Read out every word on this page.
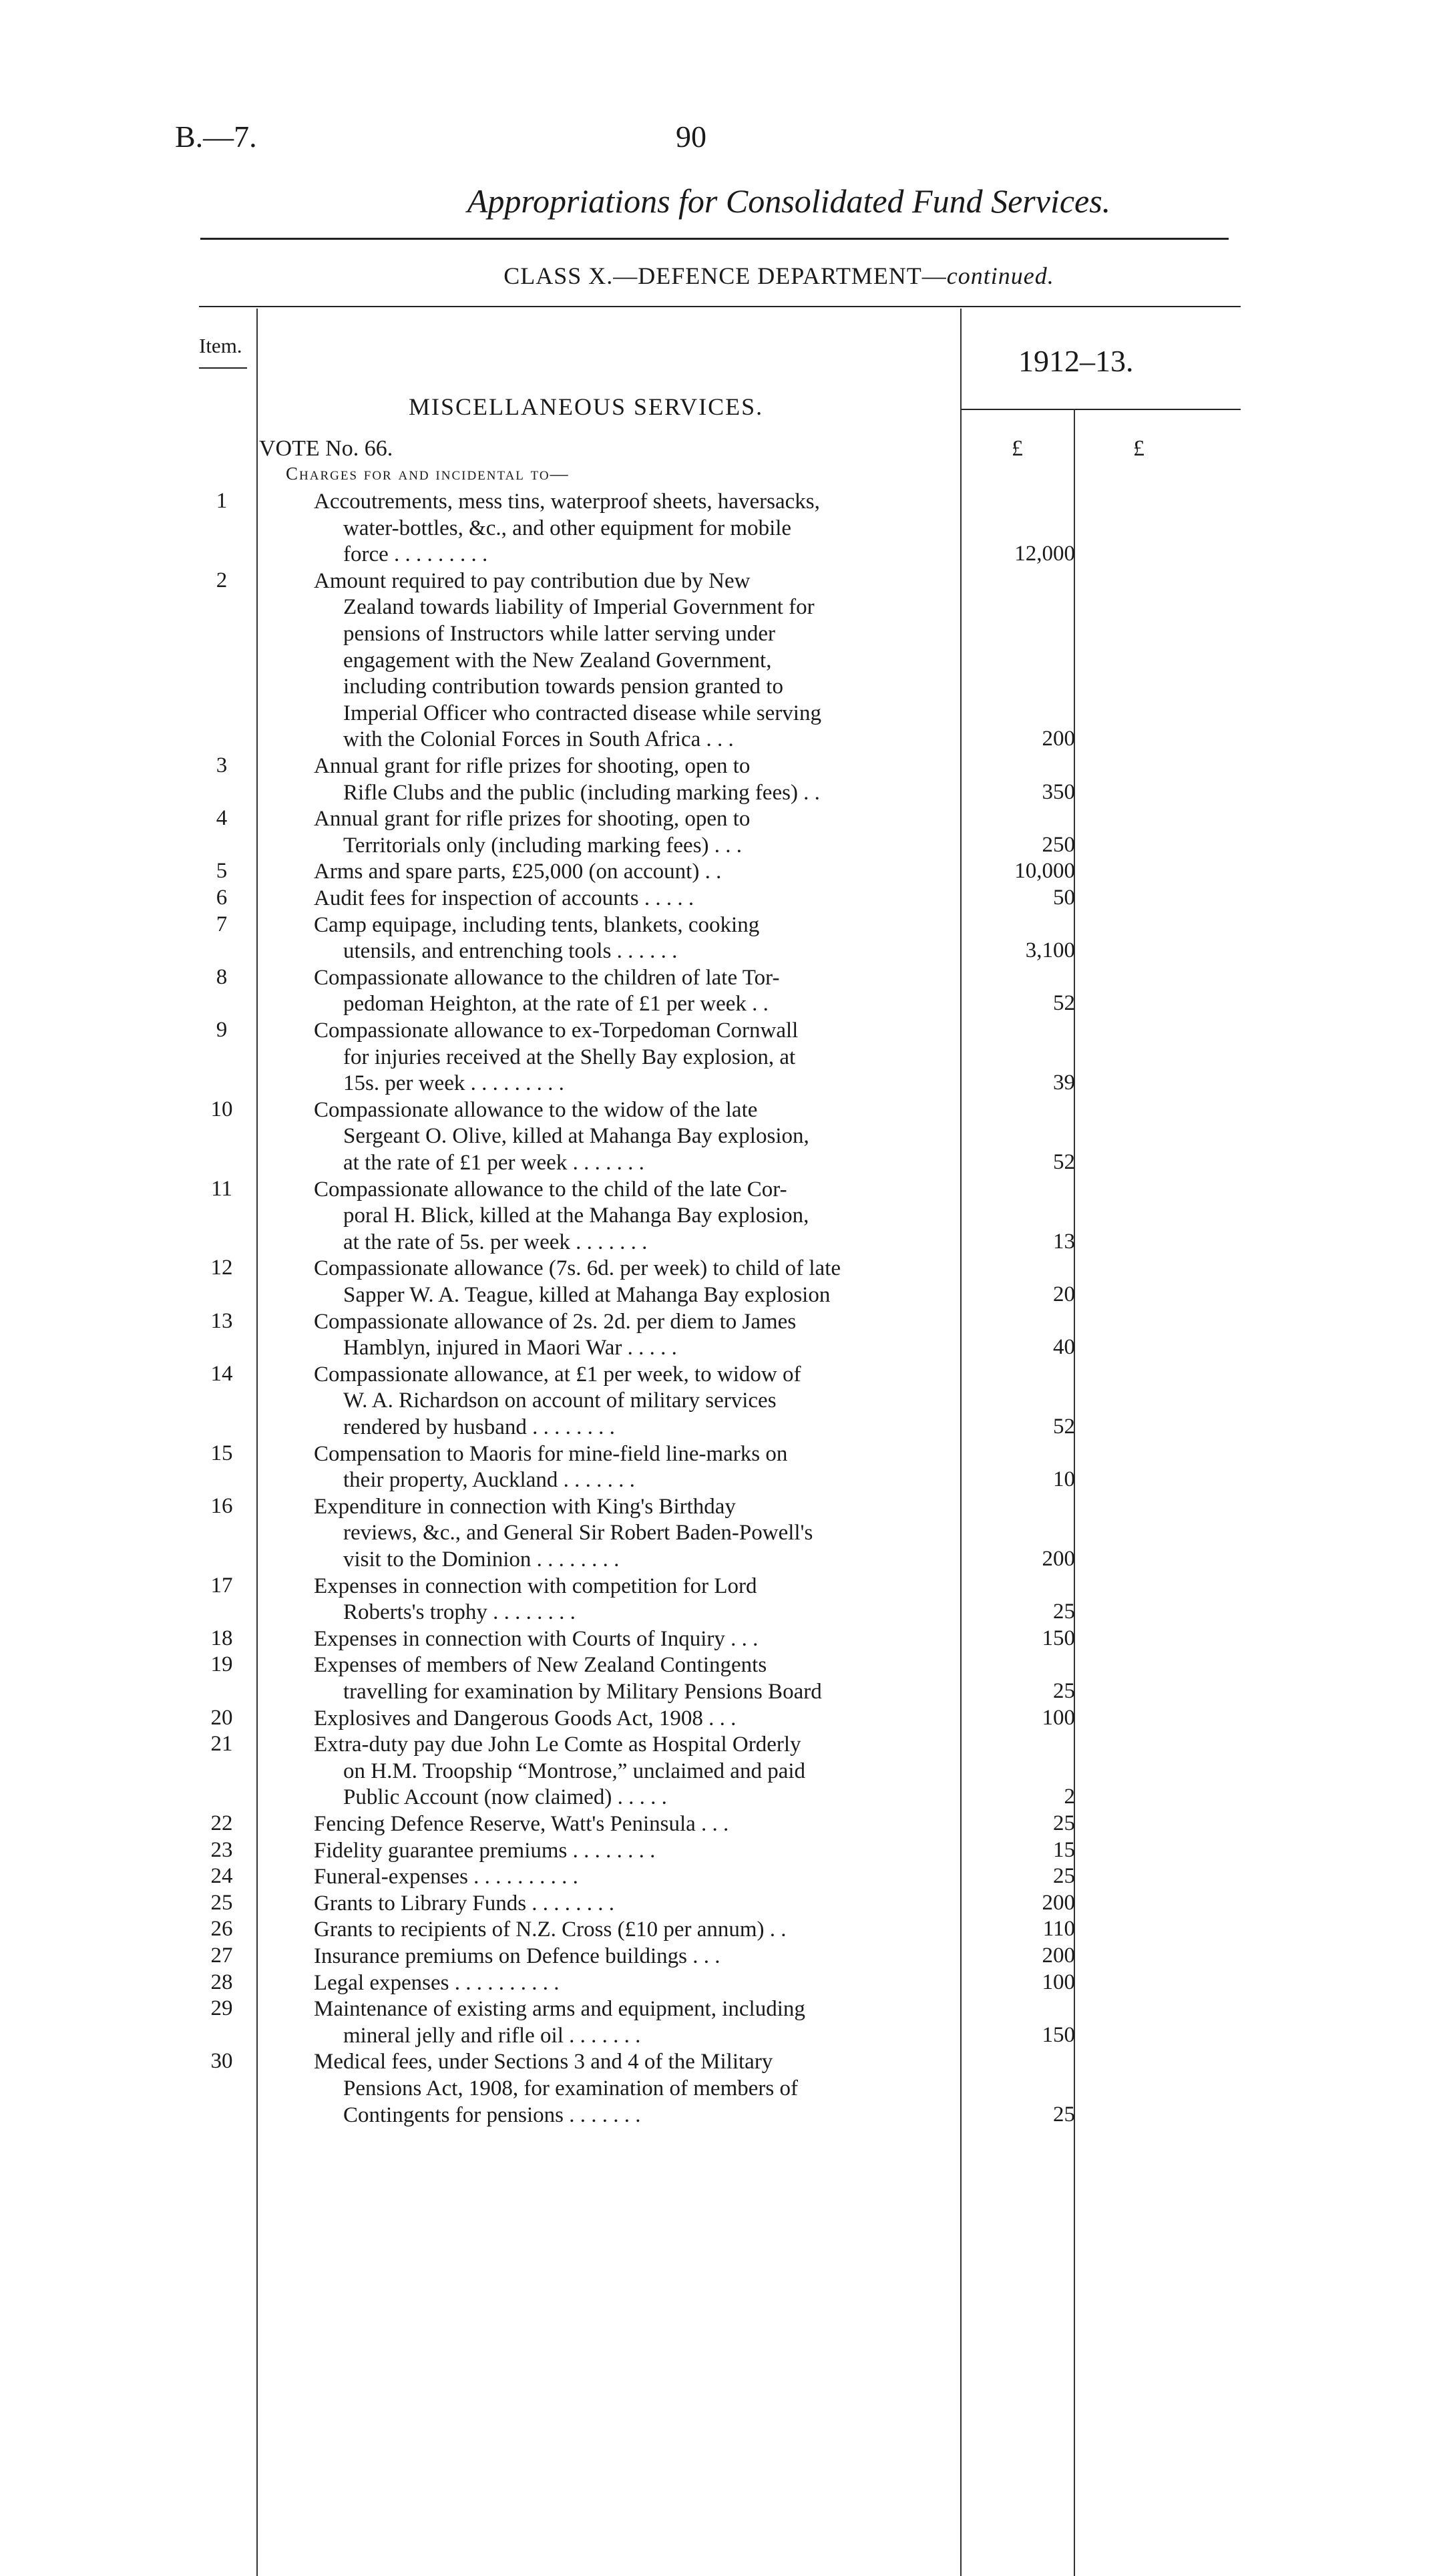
B.—7.	90
Appropriations for Consolidated Fund Services.
CLASS X.—DEFENCE DEPARTMENT—continued.
Item.	1912–13.
MISCELLANEOUS SERVICES.
VOTE No. 66.	£	£
Charges for and incidental to—
1	Accoutrements, mess tins, waterproof sheets, haversacks,
water-bottles, &c., and other equipment for mobile
force . . . . . . . . .	12,000
2	Amount required to pay contribution due by New
Zealand towards liability of Imperial Government for
pensions of Instructors while latter serving under
engagement with the New Zealand Government,
including contribution towards pension granted to
Imperial Officer who contracted disease while serving
with the Colonial Forces in South Africa . . .	200
3	Annual grant for rifle prizes for shooting, open to
Rifle Clubs and the public (including marking fees) . .	350
4	Annual grant for rifle prizes for shooting, open to
Territorials only (including marking fees) . . .	250
5	Arms and spare parts, £25,000 (on account) . .	10,000
6	Audit fees for inspection of accounts . . . . .	50
7	Camp equipage, including tents, blankets, cooking
utensils, and entrenching tools . . . . . .	3,100
8	Compassionate allowance to the children of late Tor-
pedoman Heighton, at the rate of £1 per week . .	52
9	Compassionate allowance to ex-Torpedoman Cornwall
for injuries received at the Shelly Bay explosion, at
15s. per week . . . . . . . . .	39
10	Compassionate allowance to the widow of the late
Sergeant O. Olive, killed at Mahanga Bay explosion,
at the rate of £1 per week . . . . . . .	52
11	Compassionate allowance to the child of the late Cor-
poral H. Blick, killed at the Mahanga Bay explosion,
at the rate of 5s. per week . . . . . . .	13
12	Compassionate allowance (7s. 6d. per week) to child of late
Sapper W. A. Teague, killed at Mahanga Bay explosion	20
13	Compassionate allowance of 2s. 2d. per diem to James
Hamblyn, injured in Maori War . . . . .	40
14	Compassionate allowance, at £1 per week, to widow of
W. A. Richardson on account of military services
rendered by husband . . . . . . . .	52
15	Compensation to Maoris for mine-field line-marks on
their property, Auckland . . . . . . .	10
16	Expenditure in connection with King's Birthday
reviews, &c., and General Sir Robert Baden-Powell's
visit to the Dominion . . . . . . . .	200
17	Expenses in connection with competition for Lord
Roberts's trophy . . . . . . . .	25
18	Expenses in connection with Courts of Inquiry . . .	150
19	Expenses of members of New Zealand Contingents
travelling for examination by Military Pensions Board	25
20	Explosives and Dangerous Goods Act, 1908 . . .	100
21	Extra-duty pay due John Le Comte as Hospital Orderly
on H.M. Troopship “Montrose,” unclaimed and paid
Public Account (now claimed) . . . . .	2
22	Fencing Defence Reserve, Watt's Peninsula . . .	25
23	Fidelity guarantee premiums . . . . . . . .	15
24	Funeral-expenses . . . . . . . . . .	25
25	Grants to Library Funds . . . . . . . .	200
26	Grants to recipients of N.Z. Cross (£10 per annum) . .	110
27	Insurance premiums on Defence buildings . . .	200
28	Legal expenses . . . . . . . . . .	100
29	Maintenance of existing arms and equipment, including
mineral jelly and rifle oil . . . . . . .	150
30	Medical fees, under Sections 3 and 4 of the Military
Pensions Act, 1908, for examination of members of
Contingents for pensions . . . . . . .	25
